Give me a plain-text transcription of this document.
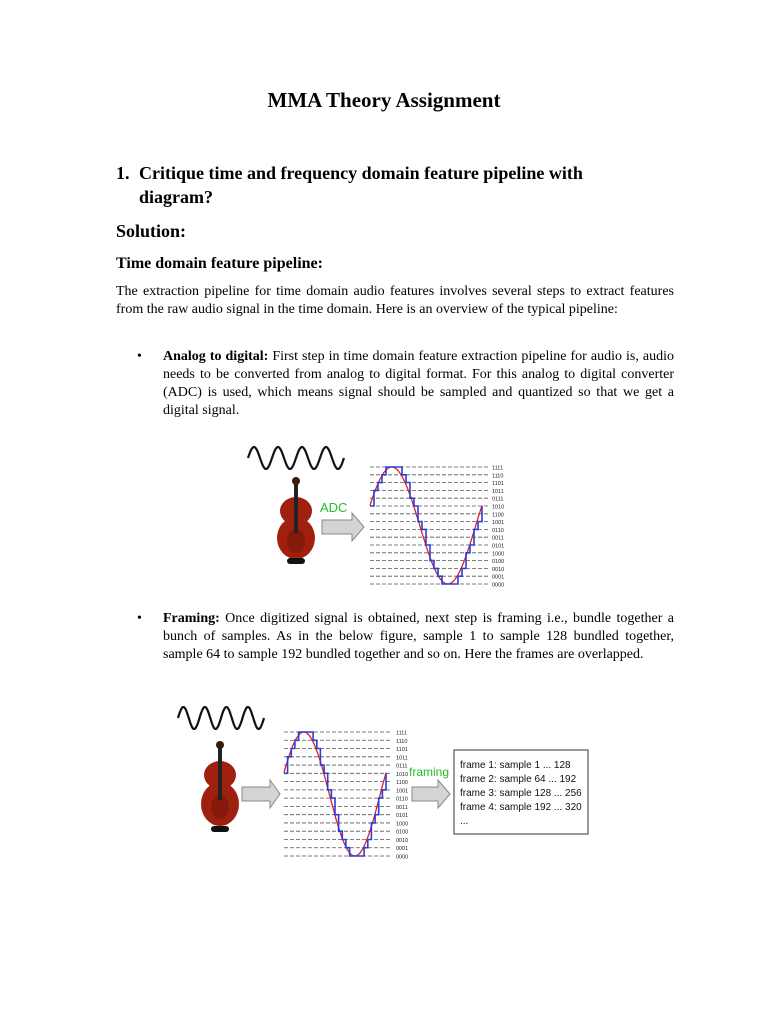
MMA Theory Assignment
1. Critique time and frequency domain feature pipeline with diagram?
Solution:
Time domain feature pipeline:
The extraction pipeline for time domain audio features involves several steps to extract features from the raw audio signal in the time domain. Here is an overview of the typical pipeline:
• Analog to digital: First step in time domain feature extraction pipeline for audio is, audio needs to be converted from analog to digital format. For this analog to digital converter (ADC) is used, which means signal should be sampled and quantized so that we get a digital signal.
ADC
1111
1110
1101
1011
0111
1010
1100
1001
0110
0011
0101
1000
0100
0010
0001
0000
• Framing: Once digitized signal is obtained, next step is framing i.e., bundle together a bunch of samples. As in the below figure, sample 1 to sample 128 bundled together, sample 64 to sample 192 bundled together and so on. Here the frames are overlapped.
1111
1110
1101
1011
0111
1010
1100
1001
0110
0011
0101
1000
0100
0010
0001
0000
framing frame 1: sample 1 ... 128
frame 2: sample 64 ... 192
frame 3: sample 128 ... 256
frame 4: sample 192 ... 320
...
